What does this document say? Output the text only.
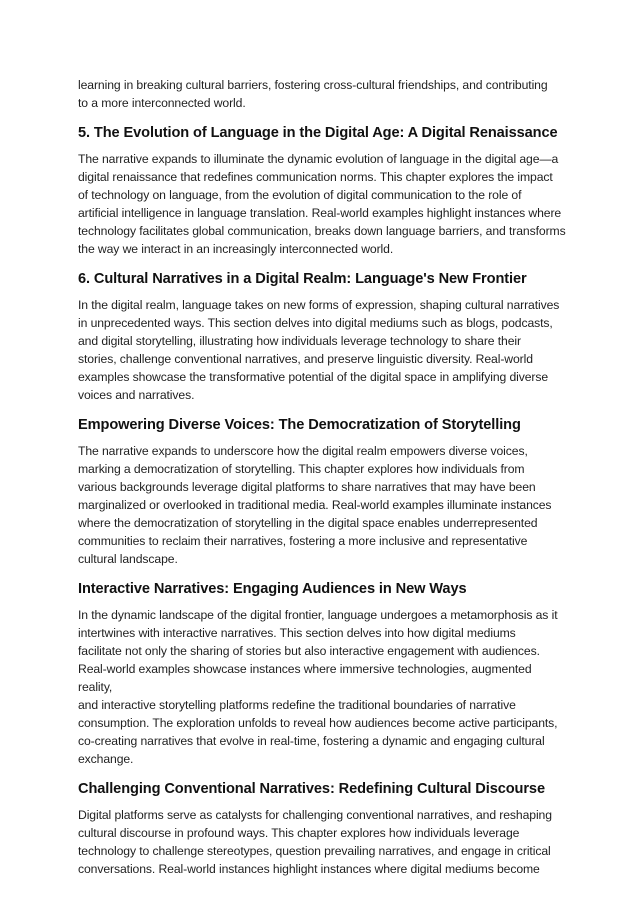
learning in breaking cultural barriers, fostering cross-cultural friendships, and contributing
to a more interconnected world.

5. The Evolution of Language in the Digital Age: A Digital Renaissance

The narrative expands to illuminate the dynamic evolution of language in the digital age—a
digital renaissance that redefines communication norms. This chapter explores the impact
of technology on language, from the evolution of digital communication to the role of
artificial intelligence in language translation. Real-world examples highlight instances where
technology facilitates global communication, breaks down language barriers, and transforms
the way we interact in an increasingly interconnected world.

6. Cultural Narratives in a Digital Realm: Language's New Frontier

In the digital realm, language takes on new forms of expression, shaping cultural narratives
in unprecedented ways. This section delves into digital mediums such as blogs, podcasts,
and digital storytelling, illustrating how individuals leverage technology to share their
stories, challenge conventional narratives, and preserve linguistic diversity. Real-world
examples showcase the transformative potential of the digital space in amplifying diverse
voices and narratives.

Empowering Diverse Voices: The Democratization of Storytelling

The narrative expands to underscore how the digital realm empowers diverse voices,
marking a democratization of storytelling. This chapter explores how individuals from
various backgrounds leverage digital platforms to share narratives that may have been
marginalized or overlooked in traditional media. Real-world examples illuminate instances
where the democratization of storytelling in the digital space enables underrepresented
communities to reclaim their narratives, fostering a more inclusive and representative
cultural landscape.

Interactive Narratives: Engaging Audiences in New Ways

In the dynamic landscape of the digital frontier, language undergoes a metamorphosis as it
intertwines with interactive narratives. This section delves into how digital mediums
facilitate not only the sharing of stories but also interactive engagement with audiences.
Real-world examples showcase instances where immersive technologies, augmented reality,
and interactive storytelling platforms redefine the traditional boundaries of narrative
consumption. The exploration unfolds to reveal how audiences become active participants,
co-creating narratives that evolve in real-time, fostering a dynamic and engaging cultural
exchange.

Challenging Conventional Narratives: Redefining Cultural Discourse

Digital platforms serve as catalysts for challenging conventional narratives, and reshaping
cultural discourse in profound ways. This chapter explores how individuals leverage
technology to challenge stereotypes, question prevailing narratives, and engage in critical
conversations. Real-world instances highlight instances where digital mediums become
